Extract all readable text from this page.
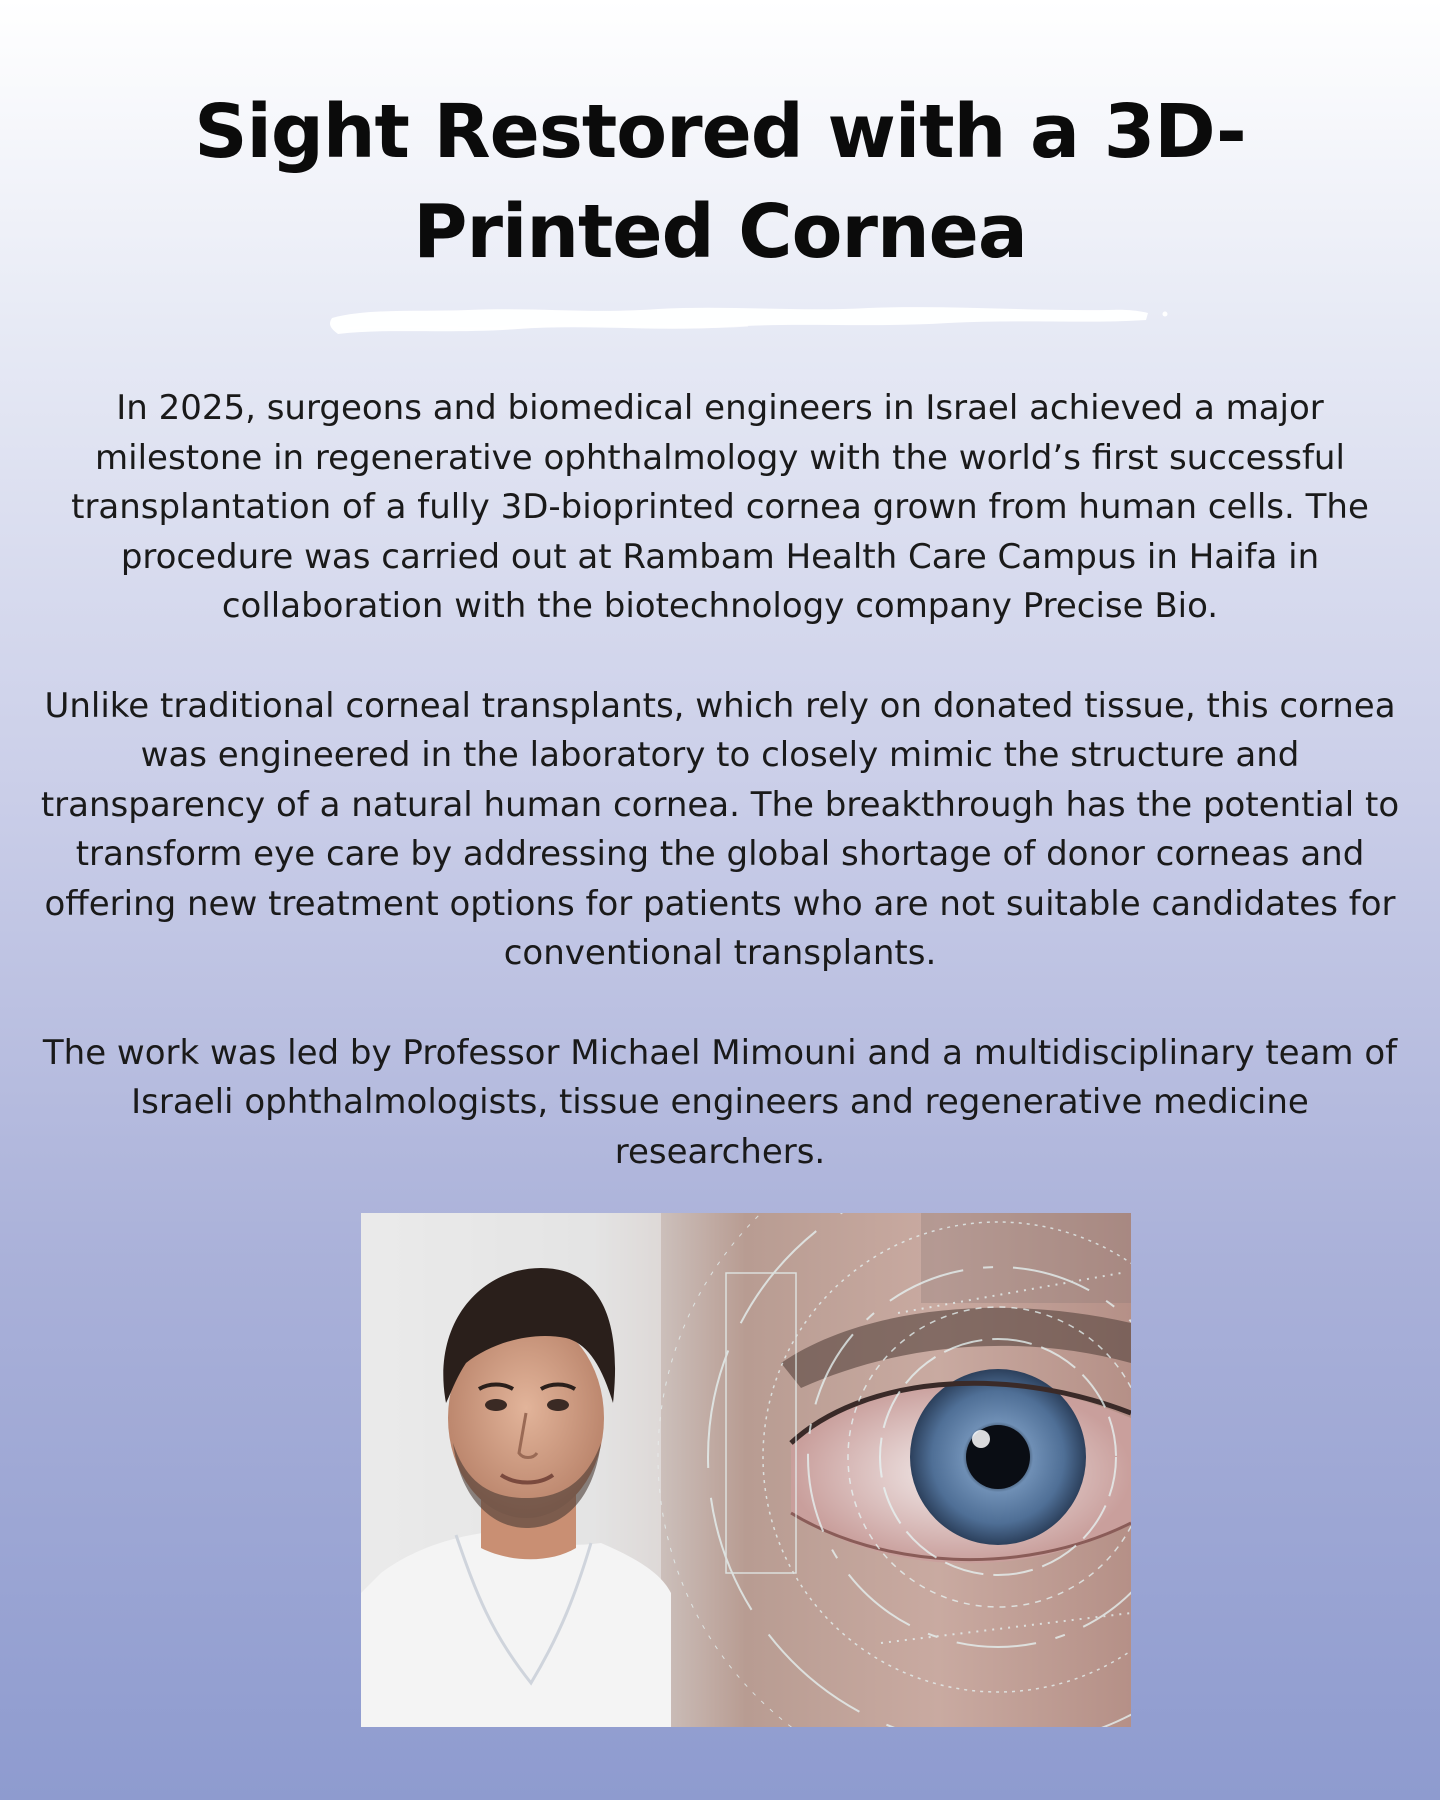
Sight Restored with a 3D-Printed Cornea

In 2025, surgeons and biomedical engineers in Israel achieved a major milestone in regenerative ophthalmology with the world’s first successful transplantation of a fully 3D-bioprinted cornea grown from human cells. The procedure was carried out at Rambam Health Care Campus in Haifa in collaboration with the biotechnology company Precise Bio.

Unlike traditional corneal transplants, which rely on donated tissue, this cornea was engineered in the laboratory to closely mimic the structure and transparency of a natural human cornea. The breakthrough has the potential to transform eye care by addressing the global shortage of donor corneas and offering new treatment options for patients who are not suitable candidates for conventional transplants.

The work was led by Professor Michael Mimouni and a multidisciplinary team of Israeli ophthalmologists, tissue engineers and regenerative medicine researchers.
